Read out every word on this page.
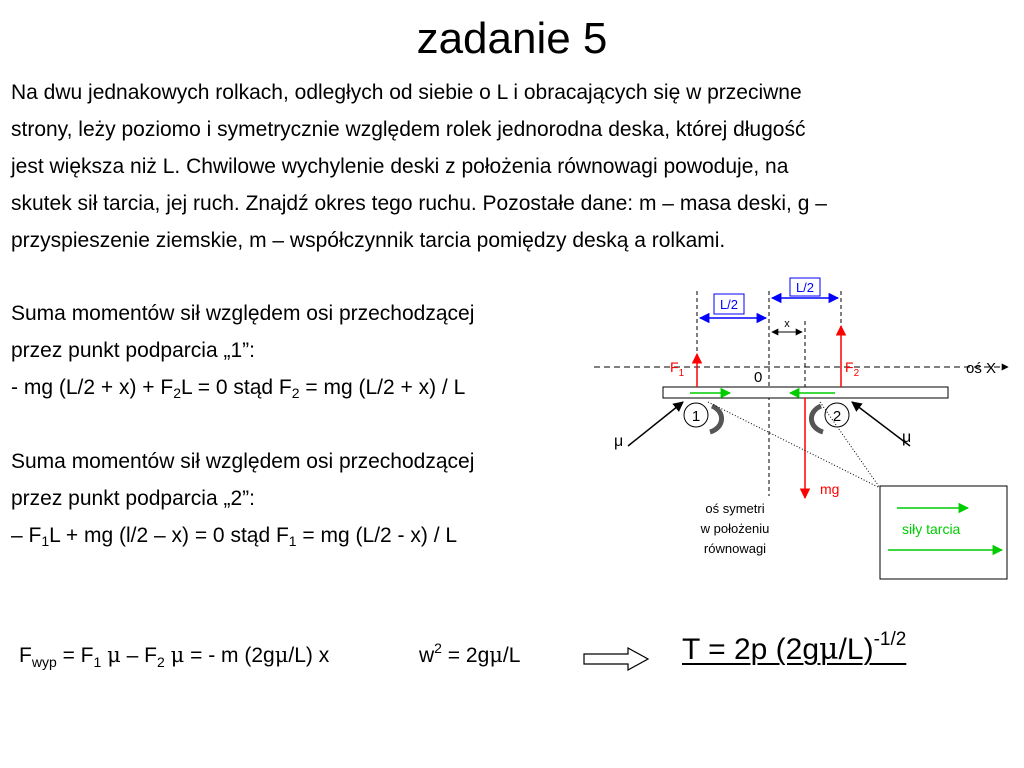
zadanie 5
Na dwu jednakowych rolkach, odległych od siebie o L i obracających się w przeciwne
strony, leży poziomo i symetrycznie względem rolek jednorodna deska, której długość
jest większa niż L. Chwilowe wychylenie deski z położenia równowagi powoduje, na
skutek sił tarcia, jej ruch. Znajdź okres tego ruchu. Pozostałe dane: m – masa deski, g –
przyspieszenie ziemskie, m – współczynnik tarcia pomiędzy deską a rolkami.
Suma momentów sił względem osi przechodzącej
przez punkt podparcia „1”:
- mg $(L/2 + x) + F_2L = 0$ stąd $F_2$ = mg (L/2 + x) / L
Suma momentów sił względem osi przechodzącej
przez punkt podparcia „2”:
– $F_1L$ + mg (l/2 – x) = 0 stąd $F_1$ = mg (L/2 - x) / L
$F_{wyp} = F_1$ μ – $F_2$ μ = - m (2gμ/L) x	$w^2 = 2g\mu/L$	T = 2p $(2g\mu/L)^{-1/2}$
L/2
L/2
x
oś X
0
$F_1$	$F_2$
mg
1	2
μ	μ
oś symetri
w położeniu
równowagi
siły tarcia
